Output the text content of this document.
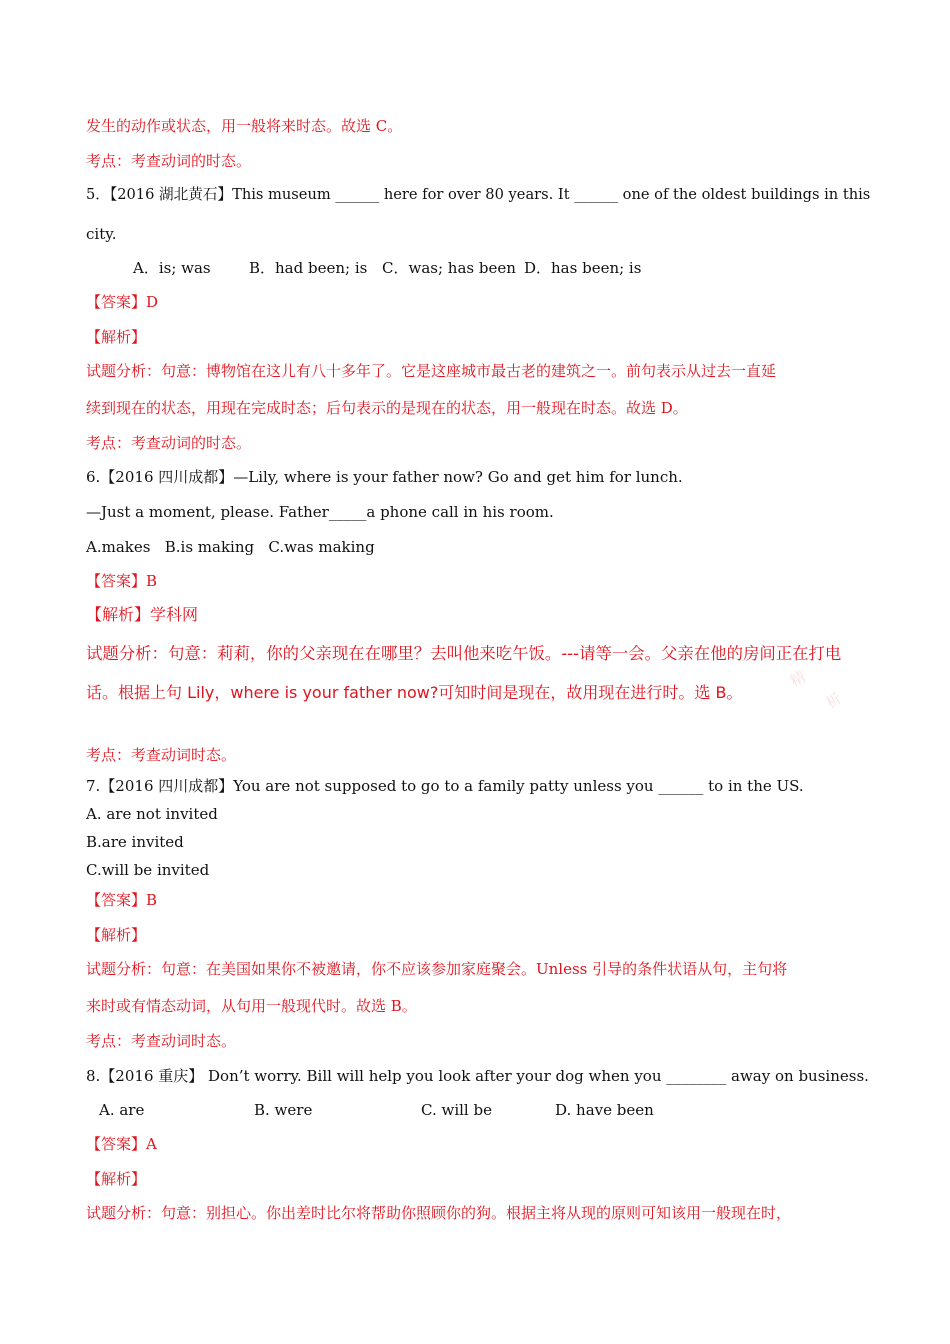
发生的动作或状态，用一般将来时态。故选 C。
考点：考查动词的时态。
5．【2016 湖北黄石】This museum ______ here for over 80 years. It ______ one of the oldest buildings in this
city.
A．is; was	B．had been; is C．was; has been D．has been; is
【答案】D
【解析】
试题分析：句意：博物馆在这儿有八十多年了。它是这座城市最古老的建筑之一。前句表示从过去一直延
续到现在的状态，用现在完成时态；后句表示的是现在的状态，用一般现在时态。故选 D。
考点：考查动词的时态。
6.【2016 四川成都】—Lily, where is your father now? Go and get him for lunch.
—Just a moment, please. Father_____a phone call in his room.
A.makes   B.is making   C.was making
【答案】B
【解析】学科网
试题分析：句意：莉莉，你的父亲现在在哪里？去叫他来吃午饭。---请等一会。父亲在他的房间正在打电
话。根据上句 Lily，where is your father now?可知时间是现在，故用现在进行时。选 B。
精
析
考点：考查动词时态。
7.【2016 四川成都】You are not supposed to go to a family patty unless you ______ to in the US.
A. are not invited
B.are invited
C.will be invited
【答案】B
【解析】
试题分析：句意：在美国如果你不被邀请，你不应该参加家庭聚会。Unless 引导的条件状语从句，主句将
来时或有情态动词，从句用一般现代时。故选 B。
考点：考查动词时态。
8.【2016 重庆】 Don’t worry. Bill will help you look after your dog when you ________ away on business.
A. are	B. were	C. will be	D. have been
【答案】A
【解析】
试题分析：句意：别担心。你出差时比尔将帮助你照顾你的狗。根据主将从现的原则可知该用一般现在时，
